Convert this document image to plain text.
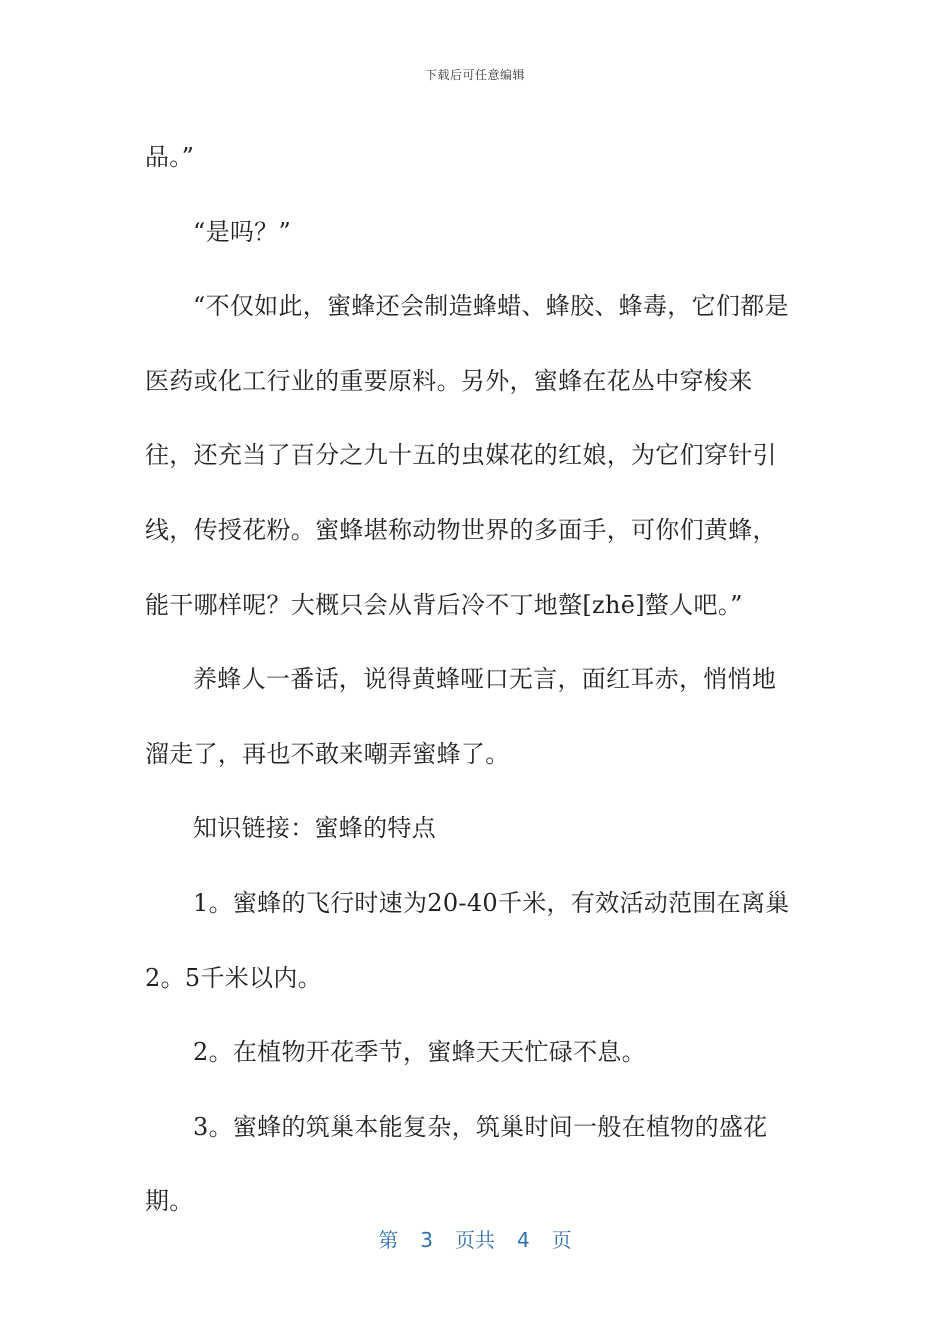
下载后可任意编辑

品。”

“是吗？”

“不仅如此，蜜蜂还会制造蜂蜡、蜂胶、蜂毒，它们都是医药或化工行业的重要原料。另外，蜜蜂在花丛中穿梭来往，还充当了百分之九十五的虫媒花的红娘，为它们穿针引线，传授花粉。蜜蜂堪称动物世界的多面手，可你们黄蜂，能干哪样呢？大概只会从背后冷不丁地螫[zhē]螫人吧。”

养蜂人一番话，说得黄蜂哑口无言，面红耳赤，悄悄地溜走了，再也不敢来嘲弄蜜蜂了。

知识链接：蜜蜂的特点

1。蜜蜂的飞行时速为20-40千米，有效活动范围在离巢2。5千米以内。

2。在植物开花季节，蜜蜂天天忙碌不息。

3。蜜蜂的筑巢本能复杂，筑巢时间一般在植物的盛花期。

第 3 页共 4 页
